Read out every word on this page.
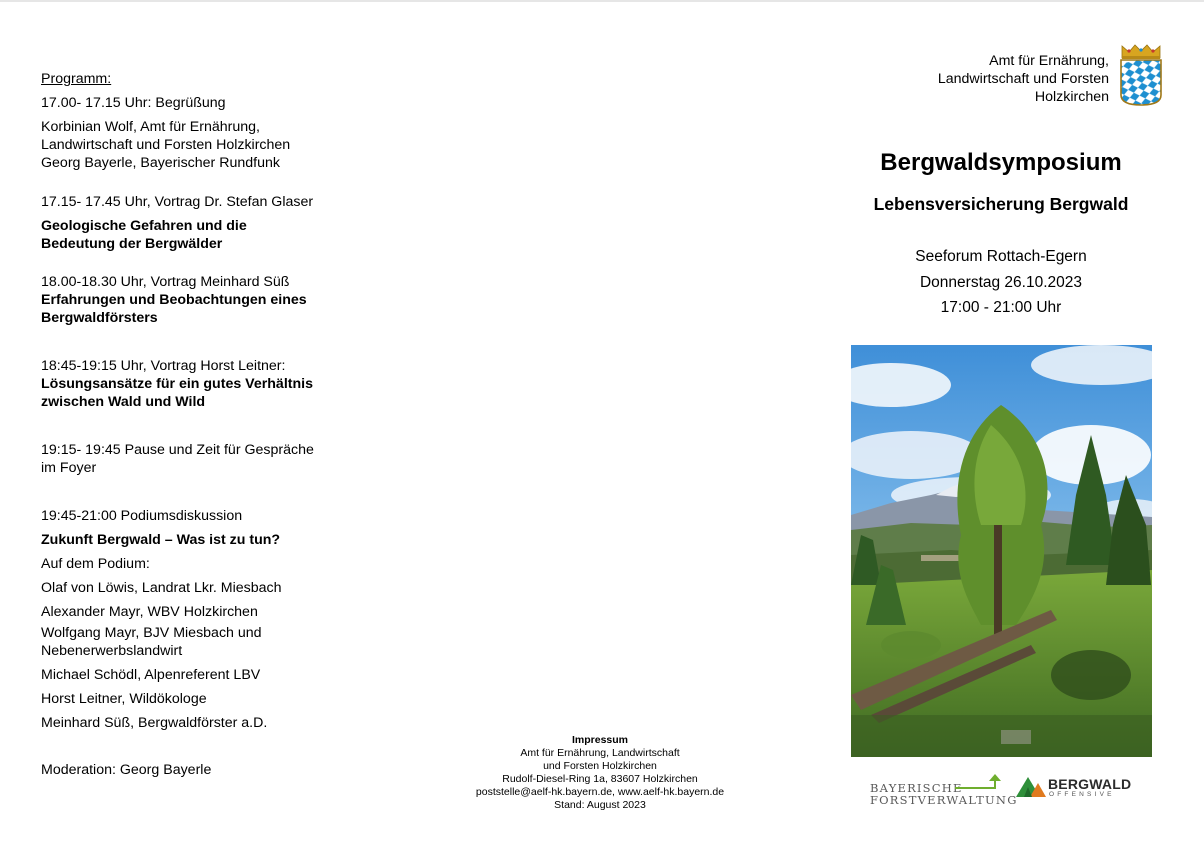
Programm:
17.00- 17.15 Uhr: Begrüßung
Korbinian Wolf, Amt für Ernährung,
Landwirtschaft und Forsten Holzkirchen
Georg Bayerle, Bayerischer Rundfunk
17.15- 17.45 Uhr, Vortrag Dr. Stefan Glaser
Geologische Gefahren und die
Bedeutung der Bergwälder
18.00-18.30 Uhr, Vortrag Meinhard Süß
Erfahrungen und Beobachtungen eines
Bergwaldförsters
18:45-19:15 Uhr, Vortrag Horst Leitner:
Lösungsansätze für ein gutes Verhältnis
zwischen Wald und Wild
19:15- 19:45 Pause und Zeit für Gespräche
im Foyer
19:45-21:00 Podiumsdiskussion
Zukunft Bergwald – Was ist zu tun?
Auf dem Podium:
Olaf von Löwis, Landrat Lkr. Miesbach
Alexander Mayr, WBV Holzkirchen
Wolfgang Mayr, BJV Miesbach und
Nebenerwerbslandwirt
Michael Schödl, Alpenreferent LBV
Horst Leitner, Wildökologe
Meinhard Süß, Bergwaldförster a.D.
Moderation: Georg Bayerle
Impressum
Amt für Ernährung, Landwirtschaft
und Forsten Holzkirchen
Rudolf-Diesel-Ring 1a, 83607 Holzkirchen
poststelle@aelf-hk.bayern.de, www.aelf-hk.bayern.de
Stand: August 2023
Amt für Ernährung,
Landwirtschaft und Forsten
Holzkirchen
Bergwaldsymposium
Lebensversicherung Bergwald
Seeforum Rottach-Egern
Donnerstag 26.10.2023
17:00 - 21:00 Uhr
BAYERISCHE
FORSTVERWALTUNG
BERGWALD
OFFENSIVE
